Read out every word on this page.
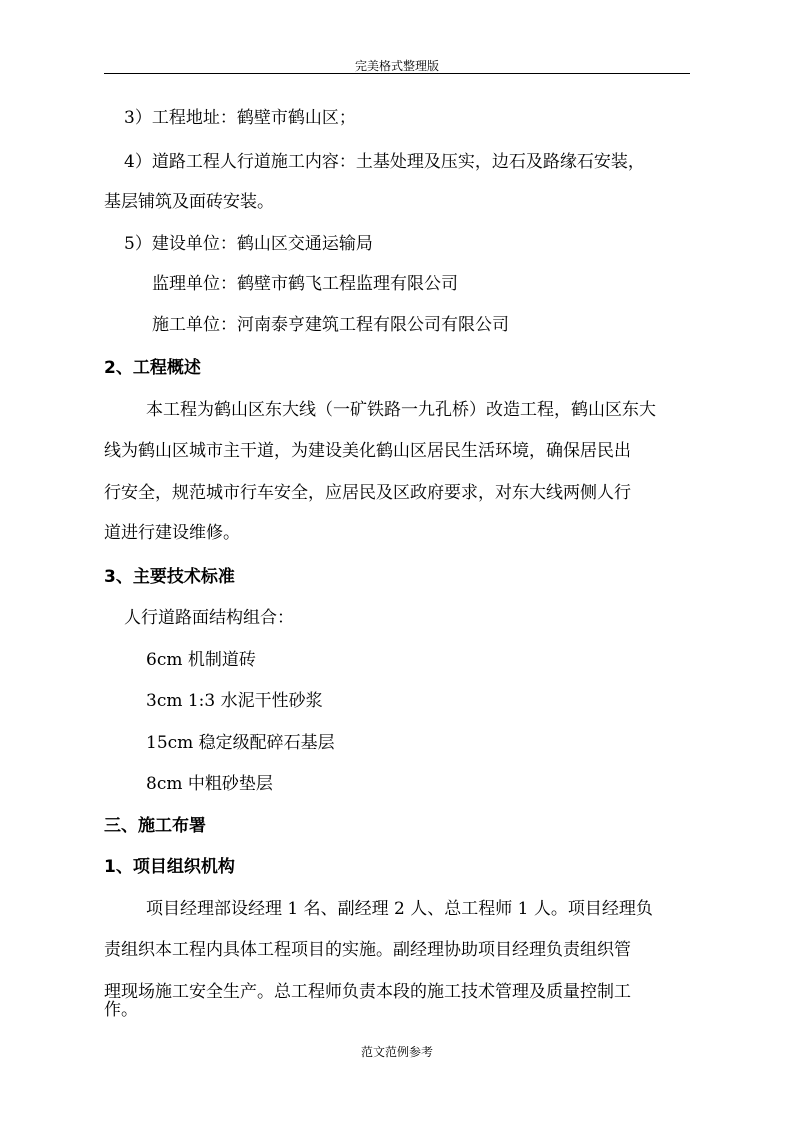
完美格式整理版
3）工程地址：鹤壁市鹤山区；
4）道路工程人行道施工内容：土基处理及压实，边石及路缘石安装，
基层铺筑及面砖安装。
5）建设单位：鹤山区交通运输局
监理单位：鹤壁市鹤飞工程监理有限公司
施工单位：河南泰亨建筑工程有限公司有限公司
2、工程概述
本工程为鹤山区东大线（一矿铁路一九孔桥）改造工程，鹤山区东大
线为鹤山区城市主干道，为建设美化鹤山区居民生活环境，确保居民出
行安全，规范城市行车安全，应居民及区政府要求，对东大线两侧人行
道进行建设维修。
3、主要技术标准
人行道路面结构组合：
6cm 机制道砖
3cm 1:3 水泥干性砂浆
15cm 稳定级配碎石基层
8cm 中粗砂垫层
三、施工布署
1、项目组织机构
项目经理部设经理 1 名、副经理 2 人、总工程师 1 人。项目经理负
责组织本工程内具体工程项目的实施。副经理协助项目经理负责组织管
理现场施工安全生产。总工程师负责本段的施工技术管理及质量控制工
作。
范文范例参考
